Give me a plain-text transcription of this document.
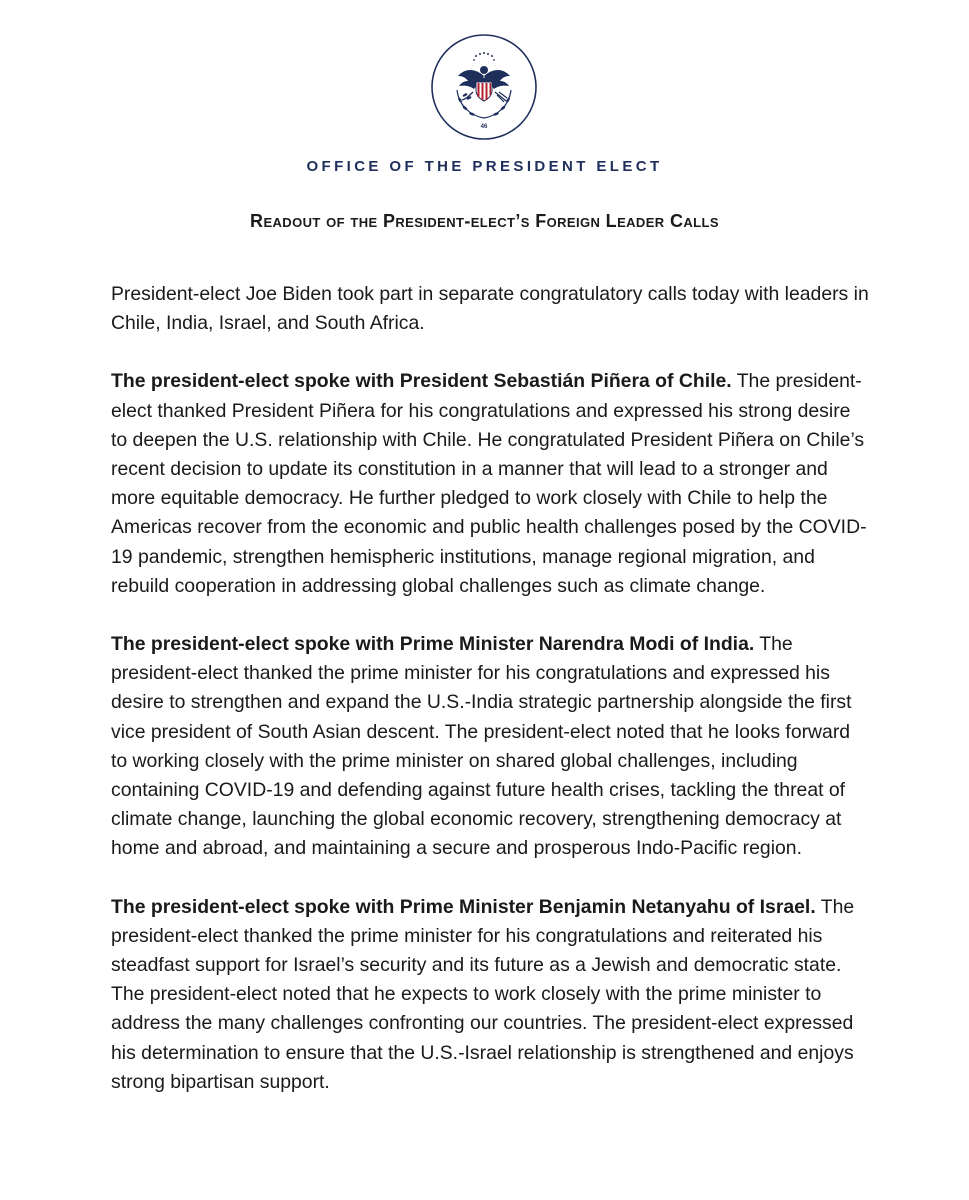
46
OFFICE OF THE PRESIDENT ELECT
Readout of the President-elect’s Foreign Leader Calls

President-elect Joe Biden took part in separate congratulatory calls today with leaders in Chile, India, Israel, and South Africa.

The president-elect spoke with President Sebastián Piñera of Chile. The president-elect thanked President Piñera for his congratulations and expressed his strong desire to deepen the U.S. relationship with Chile. He congratulated President Piñera on Chile’s recent decision to update its constitution in a manner that will lead to a stronger and more equitable democracy. He further pledged to work closely with Chile to help the Americas recover from the economic and public health challenges posed by the COVID-19 pandemic, strengthen hemispheric institutions, manage regional migration, and rebuild cooperation in addressing global challenges such as climate change.

The president-elect spoke with Prime Minister Narendra Modi of India. The president-elect thanked the prime minister for his congratulations and expressed his desire to strengthen and expand the U.S.-India strategic partnership alongside the first vice president of South Asian descent. The president-elect noted that he looks forward to working closely with the prime minister on shared global challenges, including containing COVID-19 and defending against future health crises, tackling the threat of climate change, launching the global economic recovery, strengthening democracy at home and abroad, and maintaining a secure and prosperous Indo-Pacific region.

The president-elect spoke with Prime Minister Benjamin Netanyahu of Israel. The president-elect thanked the prime minister for his congratulations and reiterated his steadfast support for Israel’s security and its future as a Jewish and democratic state. The president-elect noted that he expects to work closely with the prime minister to address the many challenges confronting our countries. The president-elect expressed his determination to ensure that the U.S.-Israel relationship is strengthened and enjoys strong bipartisan support.
